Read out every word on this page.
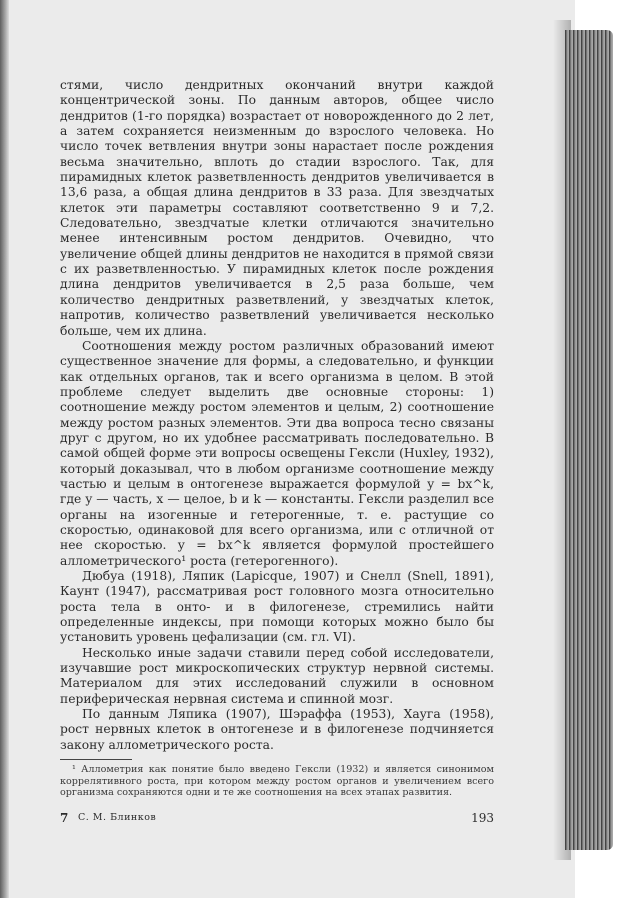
стями, число дендритных окончаний внутри каждой концентрической зоны. По данным авторов, общее число дендритов (1-го порядка) возрастает от новорожденного до 2 лет, а затем сохраняется неизменным до взрослого человека. Но число точек ветвления внутри зоны нарастает после рождения весьма значительно, вплоть до стадии взрослого. Так, для пирамидных клеток разветвленность дендритов увеличивается в 13,6 раза, а общая длина дендритов в 33 раза. Для звездчатых клеток эти параметры составляют соответственно 9 и 7,2. Следовательно, звездчатые клетки отличаются значительно менее интенсивным ростом дендритов. Очевидно, что увеличение общей длины дендритов не находится в прямой связи с их разветвленностью. У пирамидных клеток после рождения длина дендритов увеличивается в 2,5 раза больше, чем количество дендритных разветвлений, у звездчатых клеток, напротив, количество разветвлений увеличивается несколько больше, чем их длина.

Соотношения между ростом различных образований имеют существенное значение для формы, а следовательно, и функции как отдельных органов, так и всего организма в целом. В этой проблеме следует выделить две основные стороны: 1) соотношение между ростом элементов и целым, 2) соотношение между ростом разных элементов. Эти два вопроса тесно связаны друг с другом, но их удобнее рассматривать последовательно. В самой общей форме эти вопросы освещены Гексли (Huxley, 1932), который доказывал, что в любом организме соотношение между частью и целым в онтогенезе выражается формулой y = bx^k, где y — часть, x — целое, b и k — константы. Гексли разделил все органы на изогенные и гетерогенные, т. е. растущие со скоростью, одинаковой для всего организма, или с отличной от нее скоростью. y = bx^k является формулой простейшего аллометрического¹ роста (гетерогенного).

Дюбуа (1918), Ляпик (Lapicque, 1907) и Снелл (Snell, 1891), Каунт (1947), рассматривая рост головного мозга относительно роста тела в онто- и в филогенезе, стремились найти определенные индексы, при помощи которых можно было бы установить уровень цефализации (см. гл. VI).

Несколько иные задачи ставили перед собой исследователи, изучавшие рост микроскопических структур нервной системы. Материалом для этих исследований служили в основном периферическая нервная система и спинной мозг.

По данным Ляпика (1907), Шэраффа (1953), Хауга (1958), рост нервных клеток в онтогенезе и в филогенезе подчиняется закону аллометрического роста.

¹ Аллометрия как понятие было введено Гексли (1932) и является синонимом коррелятивного роста, при котором между ростом органов и увеличением всего организма сохраняются одни и те же соотношения на всех этапах развития.
7 С. М. Блинков	193
